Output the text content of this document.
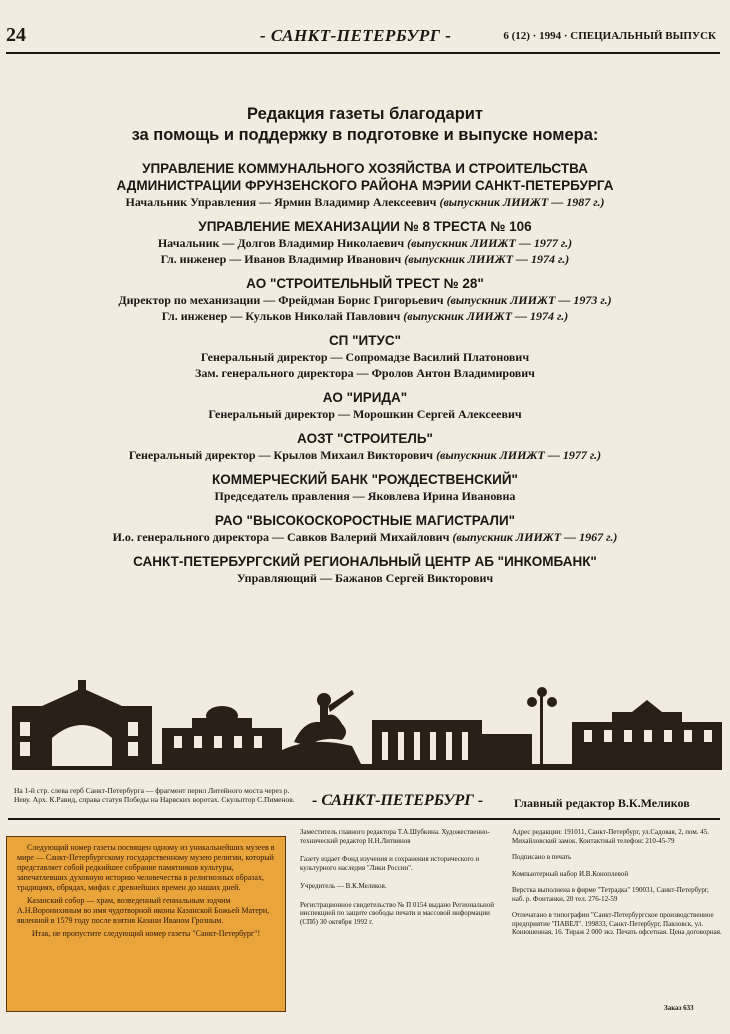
24	- САНКТ-ПЕТЕРБУРГ -	6 (12) · 1994 · СПЕЦИАЛЬНЫЙ ВЫПУСК
Редакция газеты благодарит
за помощь и поддержку в подготовке и выпуске номера:
УПРАВЛЕНИЕ КОММУНАЛЬНОГО ХОЗЯЙСТВА И СТРОИТЕЛЬСТВА
АДМИНИСТРАЦИИ ФРУНЗЕНСКОГО РАЙОНА МЭРИИ САНКТ-ПЕТЕРБУРГА
Начальник Управления — Ярмин Владимир Алексеевич (выпускник ЛИИЖТ — 1987 г.)
УПРАВЛЕНИЕ МЕХАНИЗАЦИИ № 8 ТРЕСТА № 106
Начальник — Долгов Владимир Николаевич (выпускник ЛИИЖТ — 1977 г.)
Гл. инженер — Иванов Владимир Иванович (выпускник ЛИИЖТ — 1974 г.)
АО "СТРОИТЕЛЬНЫЙ ТРЕСТ № 28"
Директор по механизации — Фрейдман Борис Григорьевич (выпускник ЛИИЖТ — 1973 г.)
Гл. инженер — Кульков Николай Павлович (выпускник ЛИИЖТ — 1974 г.)
СП "ИТУС"
Генеральный директор — Сопромадзе Василий Платонович
Зам. генерального директора — Фролов Антон Владимирович
АО "ИРИДА"
Генеральный директор — Морошкин Сергей Алексеевич
АОЗТ "СТРОИТЕЛЬ"
Генеральный директор — Крылов Михаил Викторович (выпускник ЛИИЖТ — 1977 г.)
КОММЕРЧЕСКИЙ БАНК "РОЖДЕСТВЕНСКИЙ"
Председатель правления — Яковлева Ирина Ивановна
РАО "ВЫСОКОСКОРОСТНЫЕ МАГИСТРАЛИ"
И.о. генерального директора — Савков Валерий Михайлович (выпускник ЛИИЖТ — 1967 г.)
САНКТ-ПЕТЕРБУРГСКИЙ РЕГИОНАЛЬНЫЙ ЦЕНТР АБ "ИНКОМБАНК"
Управляющий — Бажанов Сергей Викторович
На 1-й стр. слева герб Санкт-Петербурга — фрагмент перил Литейного моста через р. Неву. Арх. К.Равид, справа статуя Победы на Нарвских воротах. Скульптор С.Пименов.	- САНКТ-ПЕТЕРБУРГ -	Главный редактор В.К.Меликов

Следующий номер газеты посвящен одному из уникальнейших музеев в мире — Санкт-Петербургскому государственному музею религии, который представляет собой редкийшее собрание памятников культуры, запечатлевших духовную историю человечества в религиозных образах, традициях, обрядах, мифах с древнейших времен до наших дней.

Казанский собор — храм, возведенный гениальным зодчим А.Н.Воронихиным во имя чудотворной иконы Казанской Божьей Матери, явленной в 1579 году после взятия Казани Иваном Грозным.

Итак, не пропустите следующий номер газеты "Санкт-Петербург"!

Заместитель главного редактора Т.А.Шубкина. Художественно-технический редактор Н.Н.Литвинов

Газету издает Фонд изучения и сохранения исторического и культурного наследия "Лики России".

Учредитель — В.К.Меликов.

Регистрационное свидетельство № П 0154 выдано Региональной инспекцией по защите свободы печати и массовой информации (СПб) 30 октября 1992 г.

Адрес редакции: 191011, Санкт-Петербург, ул.Садовая, 2, пом. 45. Михайловский замок. Контактный телефон: 210-45-79

Подписано в печать

Компьютерный набор И.В.Коноплевой

Верстка выполнена в фирме "Тетрадка" 190031, Санкт-Петербург, наб. р. Фонтанки, 20 тел. 276-12-59

Отпечатано в типографии "Санкт-Петербургское производственное предприятие "ПАВЕЛ". 199833, Санкт-Петербург, Павловск, ул. Конюшенная, 16. Тираж 2 000 экз. Печать офсетная. Цена договорная.

Заказ 633
